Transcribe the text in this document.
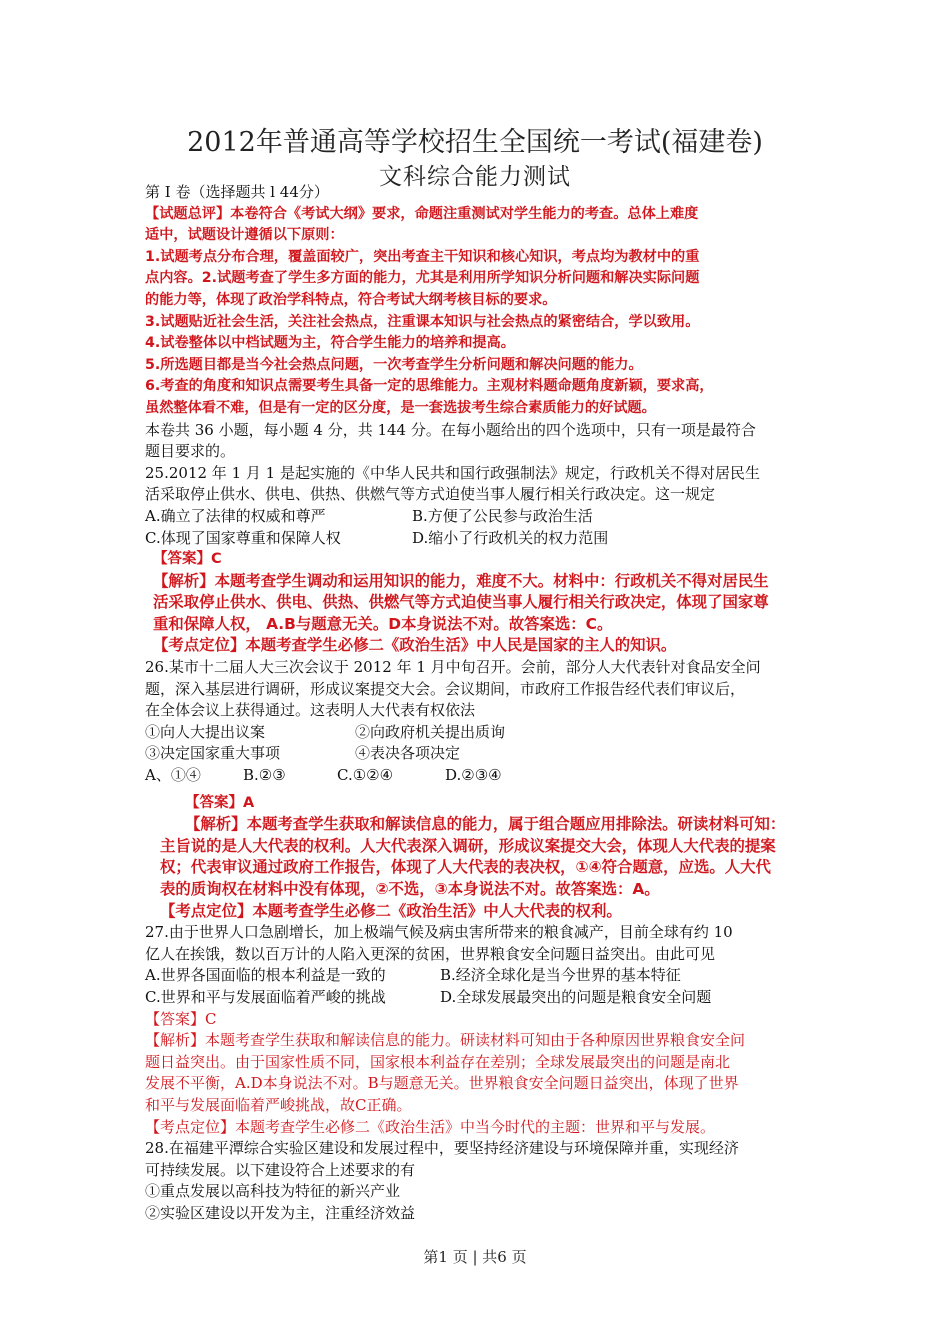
2012年普通高等学校招生全国统一考试(福建卷)
文科综合能力测试
第 I 卷（选择题共 l 44分）
【试题总评】本卷符合《考试大纲》要求，命题注重测试对学生能力的考查。总体上难度
适中，试题设计遵循以下原则：
1.试题考点分布合理，覆盖面较广，突出考查主干知识和核心知识，考点均为教材中的重
点内容。2.试题考查了学生多方面的能力，尤其是利用所学知识分析问题和解决实际问题
的能力等，体现了政治学科特点，符合考试大纲考核目标的要求。
3.试题贴近社会生活，关注社会热点，注重课本知识与社会热点的紧密结合，学以致用。
4.试卷整体以中档试题为主，符合学生能力的培养和提高。
5.所选题目都是当今社会热点问题，一次考查学生分析问题和解决问题的能力。
6.考查的角度和知识点需要考生具备一定的思维能力。主观材料题命题角度新颖，要求高，
虽然整体看不难，但是有一定的区分度，是一套选拔考生综合素质能力的好试题。
本卷共 36 小题，每小题 4 分，共 144 分。在每小题给出的四个选项中，只有一项是最符合
题目要求的。
25.2012 年 1 月 1 是起实施的《中华人民共和国行政强制法》规定，行政机关不得对居民生
活采取停止供水、供电、供热、供燃气等方式迫使当事人履行相关行政决定。这一规定
A.确立了法律的权威和尊严	B.方便了公民参与政治生活
C.体现了国家尊重和保障人权	D.缩小了行政机关的权力范围
【答案】C
【解析】本题考查学生调动和运用知识的能力，难度不大。材料中：行政机关不得对居民生
活采取停止供水、供电、供热、供燃气等方式迫使当事人履行相关行政决定，体现了国家尊
重和保障人权， A.B与题意无关。D本身说法不对。故答案选：C。
【考点定位】本题考查学生必修二《政治生活》中人民是国家的主人的知识。
26.某市十二届人大三次会议于 2012 年 1 月中旬召开。会前，部分人大代表针对食品安全问
题，深入基层进行调研，形成议案提交大会。会议期间，市政府工作报告经代表们审议后，
在全体会议上获得通过。这表明人大代表有权依法
①向人大提出议案	②向政府机关提出质询
③决定国家重大事项	④表决各项决定
A、①④	B.②③	C.①②④	D.②③④
【答案】A
【解析】本题考查学生获取和解读信息的能力，属于组合题应用排除法。研读材料可知：
主旨说的是人大代表的权利。人大代表深入调研，形成议案提交大会，体现人大代表的提案
权；代表审议通过政府工作报告，体现了人大代表的表决权，①④符合题意，应选。人大代
表的质询权在材料中没有体现，②不选，③本身说法不对。故答案选：A。
【考点定位】本题考查学生必修二《政治生活》中人大代表的权利。
27.由于世界人口急剧增长，加上极端气候及病虫害所带来的粮食减产，目前全球有约 10
亿人在挨饿，数以百万计的人陷入更深的贫困，世界粮食安全问题日益突出。由此可见
A.世界各国面临的根本利益是一致的	B.经济全球化是当今世界的基本特征
C.世界和平与发展面临着严峻的挑战	D.全球发展最突出的问题是粮食安全问题
【答案】C
【解析】本题考查学生获取和解读信息的能力。研读材料可知由于各种原因世界粮食安全问
题日益突出。由于国家性质不同，国家根本利益存在差别；全球发展最突出的问题是南北
发展不平衡，A.D本身说法不对。B与题意无关。世界粮食安全问题日益突出，体现了世界
和平与发展面临着严峻挑战，故C正确。
【考点定位】本题考查学生必修二《政治生活》中当今时代的主题：世界和平与发展。
28.在福建平潭综合实验区建设和发展过程中，要坚持经济建设与环境保障并重，实现经济
可持续发展。以下建设符合上述要求的有
①重点发展以高科技为特征的新兴产业
②实验区建设以开发为主，注重经济效益
第1 页 | 共6 页
